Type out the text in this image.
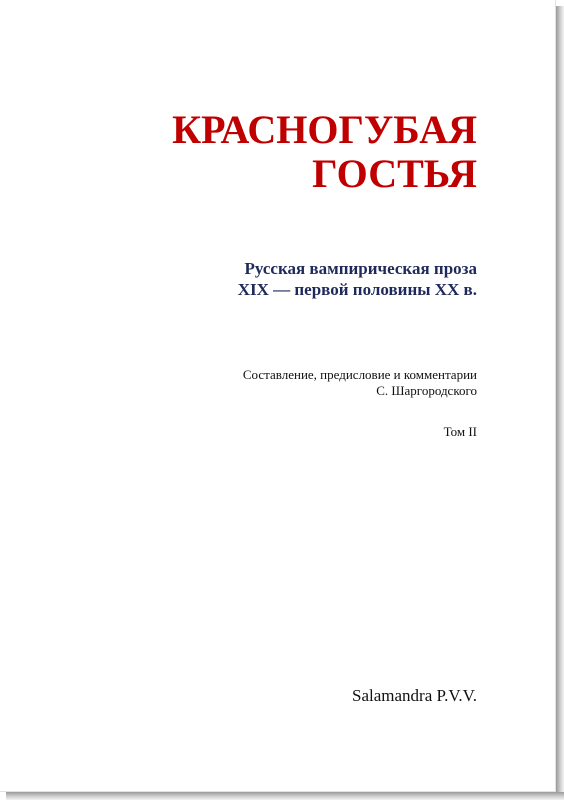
КРАСНОГУБАЯ
ГОСТЬЯ
Русская вампирическая проза
XIX — первой половины XX в.
Составление, предисловие и комментарии
С. Шаргородского
Том II
Salamandra P.V.V.
